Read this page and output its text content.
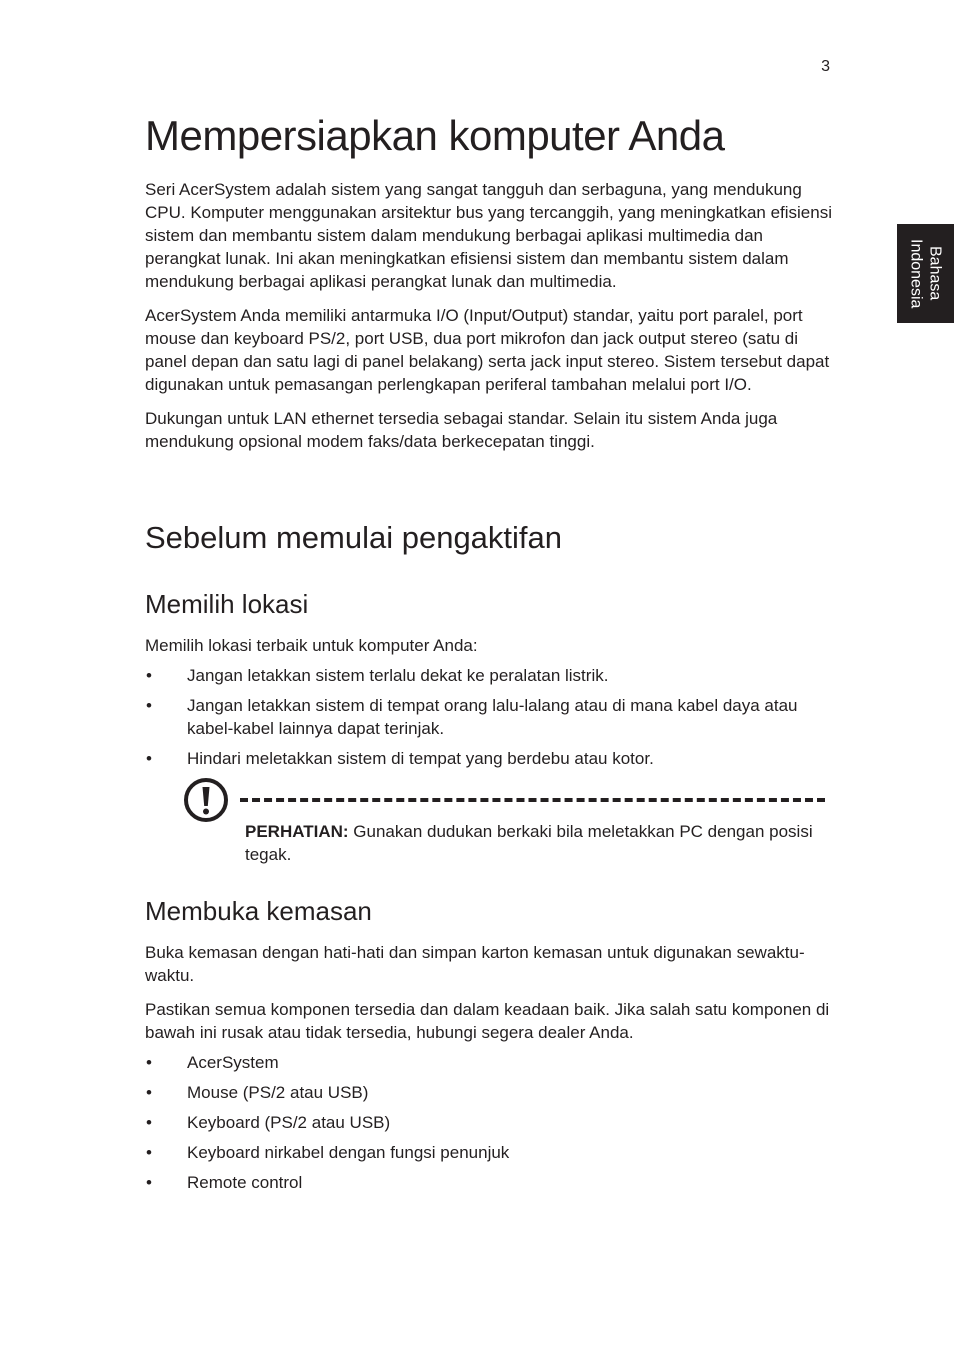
3
Bahasa Indonesia
Mempersiapkan komputer Anda

Seri AcerSystem adalah sistem yang sangat tangguh dan serbaguna, yang mendukung CPU. Komputer menggunakan arsitektur bus yang tercanggih, yang meningkatkan efisiensi sistem dan membantu sistem dalam mendukung berbagai aplikasi multimedia dan perangkat lunak. Ini akan meningkatkan efisiensi sistem dan membantu sistem dalam mendukung berbagai aplikasi perangkat lunak dan multimedia.

AcerSystem Anda memiliki antarmuka I/O (Input/Output) standar, yaitu port paralel, port mouse dan keyboard PS/2, port USB, dua port mikrofon dan jack output stereo (satu di panel depan dan satu lagi di panel belakang) serta jack input stereo. Sistem tersebut dapat digunakan untuk pemasangan perlengkapan periferal tambahan melalui port I/O.

Dukungan untuk LAN ethernet tersedia sebagai standar. Selain itu sistem Anda juga mendukung opsional modem faks/data berkecepatan tinggi.

Sebelum memulai pengaktifan
Memilih lokasi

Memilih lokasi terbaik untuk komputer Anda:

• Jangan letakkan sistem terlalu dekat ke peralatan listrik.
• Jangan letakkan sistem di tempat orang lalu-lalang atau di mana kabel daya atau kabel-kabel lainnya dapat terinjak.
• Hindari meletakkan sistem di tempat yang berdebu atau kotor.
PERHATIAN: Gunakan dudukan berkaki bila meletakkan PC dengan posisi tegak.
Membuka kemasan

Buka kemasan dengan hati-hati dan simpan karton kemasan untuk digunakan sewaktu-waktu.

Pastikan semua komponen tersedia dan dalam keadaan baik. Jika salah satu komponen di bawah ini rusak atau tidak tersedia, hubungi segera dealer Anda.

• AcerSystem
• Mouse (PS/2 atau USB)
• Keyboard (PS/2 atau USB)
• Keyboard nirkabel dengan fungsi penunjuk
• Remote control
